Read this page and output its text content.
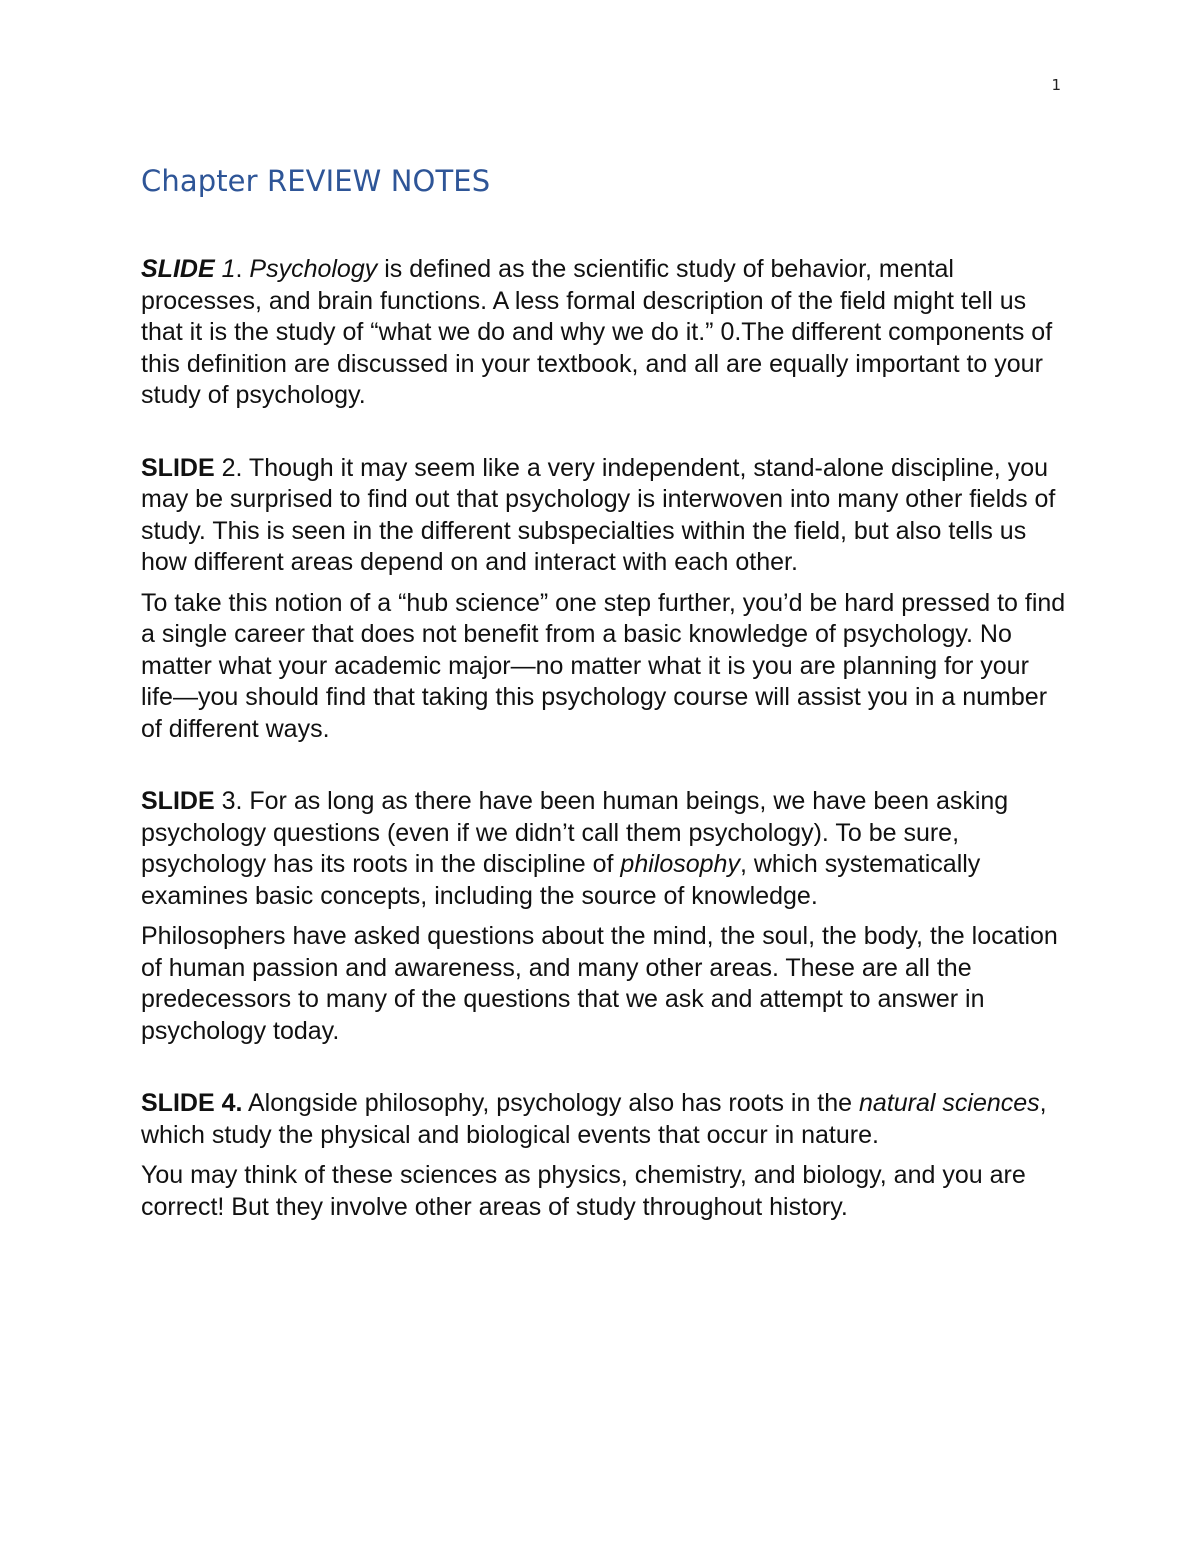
1
Chapter REVIEW NOTES

SLIDE 1. Psychology is defined as the scientific study of behavior, mental processes, and brain functions. A less formal description of the field might tell us that it is the study of “what we do and why we do it.” 0.The different components of this definition are discussed in your textbook, and all are equally important to your study of psychology.

SLIDE 2. Though it may seem like a very independent, stand-alone discipline, you may be surprised to find out that psychology is interwoven into many other fields of study. This is seen in the different subspecialties within the field, but also tells us how different areas depend on and interact with each other.

To take this notion of a “hub science” one step further, you’d be hard pressed to find a single career that does not benefit from a basic knowledge of psychology. No matter what your academic major—no matter what it is you are planning for your life—you should find that taking this psychology course will assist you in a number of different ways.

SLIDE 3. For as long as there have been human beings, we have been asking psychology questions (even if we didn’t call them psychology). To be sure, psychology has its roots in the discipline of philosophy, which systematically examines basic concepts, including the source of knowledge.

Philosophers have asked questions about the mind, the soul, the body, the location of human passion and awareness, and many other areas. These are all the predecessors to many of the questions that we ask and attempt to answer in psychology today.

SLIDE 4. Alongside philosophy, psychology also has roots in the natural sciences, which study the physical and biological events that occur in nature.

You may think of these sciences as physics, chemistry, and biology, and you are correct! But they involve other areas of study throughout history.
